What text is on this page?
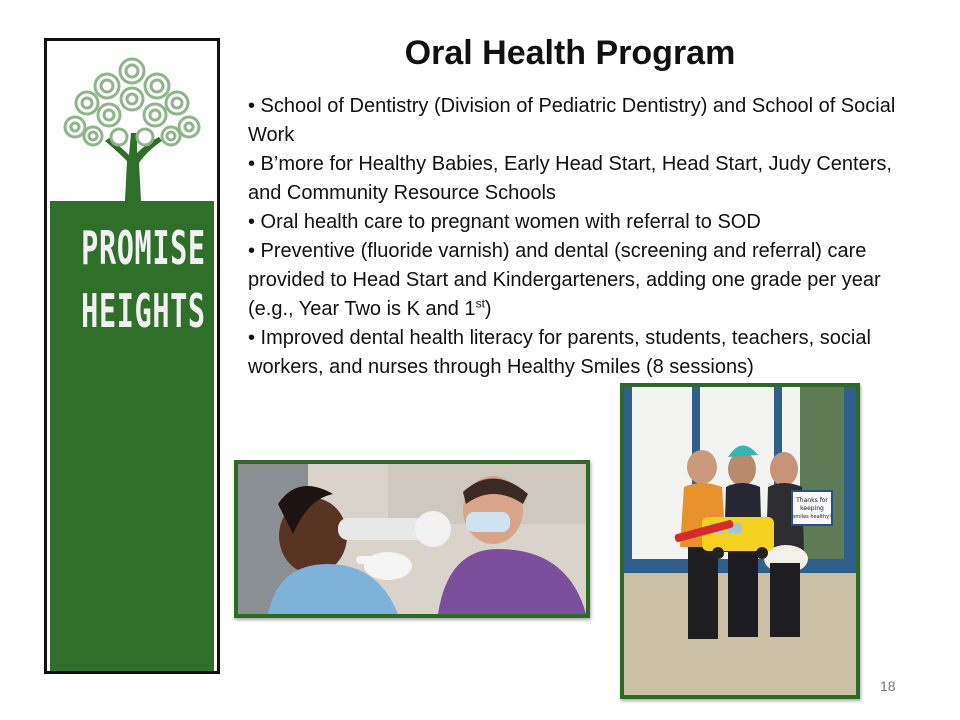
PROMISE
HEIGHTS
Oral Health Program
• School of Dentistry (Division of Pediatric Dentistry) and School of Social Work
• B’more for Healthy Babies, Early Head Start, Head Start, Judy Centers, and Community Resource Schools
• Oral health care to pregnant women with referral to SOD
• Preventive (fluoride varnish) and dental (screening and referral) care provided to Head Start and Kindergarteners, adding one grade per year (e.g., Year Two is K and 1st)
• Improved dental health literacy for parents, students, teachers, social workers, and nurses through Healthy Smiles (8 sessions)
Thanks for
keeping
smiles healthy!
18
